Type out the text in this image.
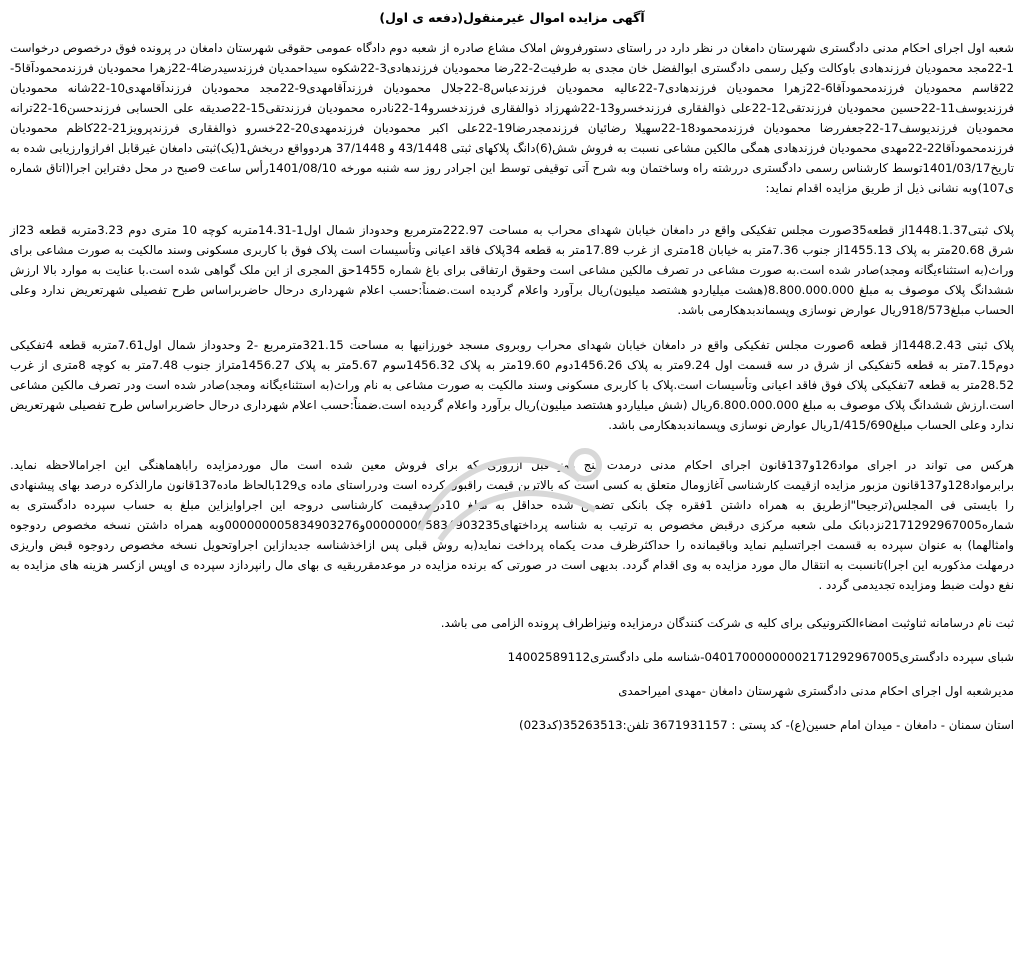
آگهی مزایده اموال غیرمنقول(دفعه ی اول)

شعبه اول اجرای احکام مدنی دادگستری شهرستان دامغان در نظر دارد در راستای دستورفروش املاک مشاع صادره از شعبه دوم دادگاه عمومی حقوقی شهرستان دامغان در پرونده فوق درخصوص درخواست 1-22مجد محمودیان فرزندهادی باوکالت وکیل رسمی دادگستری ابوالفضل خان مجدی به طرفیت2-22رضا محمودیان فرزندهادی3-22شکوه سیداحمدیان فرزندسیدرضا4-22زهرا محمودیان فرزندمحمودآقا5-22قاسم محمودیان فرزندمحمودآقا6-22زهرا محمودیان فرزندهادی7-22عالیه محمودیان فرزندعباس8-22جلال محمودیان فرزندآقامهدی9-22مجد محمودیان فرزندآقامهدی10-22شانه محمودیان فرزندیوسف11-22حسین محمودیان فرزندتقی12-22علی ذوالفقاری فرزندخسرو13-22شهرزاد ذوالفقاری فرزندخسرو14-22نادره محمودیان فرزندتقی15-22صدیقه علی الحسابی فرزندحسن16-22ترانه محمودیان فرزندیوسف17-22جعفررضا محمودیان فرزندمحمود18-22سهیلا رضائیان فرزندمجدرضا19-22علی اکبر محمودیان فرزندمهدی20-22خسرو ذوالفقاری فرزندپرویز21-22کاظم محمودیان فرزندمحمودآقا22-22مهدی محمودیان فرزندهادی همگی مالکین مشاعی نسبت به فروش شش(6)دانگ پلاکهای ثبتی 43/1448 و 37/1448 هردوواقع دربخش1(یک)ثبتی دامغان غیرقابل افرازوارزیابی شده به تاریخ1401/03/17توسط کارشناس رسمی دادگستری دررشته راه وساختمان وبه شرح آتی توقیفی توسط این اجرادر روز سه شنبه مورخه 1401/08/10رأس ساعت 9صبح در محل دفتراین اجرا(اتاق شماره ی107)وبه نشانی ذیل از طریق مزایده اقدام نماید:

پلاک ثبتی1448.1.37از قطعه35صورت مجلس تفکیکی واقع در دامغان خیابان شهدای محراب به مساحت 222.97مترمربع وحدوداز شمال اول1-14.31متربه کوچه 10 متری دوم 3.23متربه قطعه 23از شرق 20.68متر به پلاک 1455.13از جنوب 7.36متر به خیابان 18متری از غرب 17.89متر به قطعه 34پلاک فاقد اعیانی وتأسیسات است پلاک فوق با کاربری مسکونی وسند مالکیت به صورت مشاعی برای وراث(به استثناءیگانه ومجد)صادر شده است.به صورت مشاعی در تصرف مالکین مشاعی است وحقوق ارتفاقی برای باغ شماره 1455حق المجری از این ملک گواهی شده است.با عنایت به موارد بالا ارزش ششدانگ پلاک موصوف به مبلغ 8.800.000.000(هشت میلیاردو هشتصد میلیون)ریال برآورد واعلام گردیده است.ضمناً:حسب اعلام شهرداری درحال حاضربراساس طرح تفصیلی شهرتعریض ندارد وعلی الحساب مبلغ918/573ریال عوارض نوسازی وپسماندبدهکارمی باشد.

پلاک ثبتی 1448.2.43از قطعه 6صورت مجلس تفکیکی واقع در دامغان خیابان شهدای محراب روبروی مسجد خورزانیها به مساحت 321.15مترمربع -2 وحدوداز شمال اول7.61متربه قطعه 4تفکیکی دوم7.15متر به قطعه 5تفکیکی از شرق در سه قسمت اول 9.24متر به پلاک 1456.26دوم 19.60متر به پلاک 1456.32سوم 5.67متر به پلاک 1456.27متراز جنوب 7.48متر به کوچه 8متری از غرب 28.52متر به قطعه 7تفکیکی پلاک فوق فاقد اعیانی وتأسیسات است.پلاک با کاربری مسکونی وسند مالکیت به صورت مشاعی به نام وراث(به استثناءیگانه ومجد)صادر شده است ودر تصرف مالکین مشاعی است.ارزش ششدانگ پلاک موصوف به مبلغ 6.800.000.000ریال (شش میلیاردو هشتصد میلیون)ریال برآورد واعلام گردیده است.ضمناً:حسب اعلام شهرداری درحال حاضربراساس طرح تفصیلی شهرتعریض ندارد وعلی الحساب مبلغ1/415/690ریال عوارض نوسازی وپسماندبدهکارمی باشد.

هرکس می تواند در اجرای مواد126و137قانون اجرای احکام مدنی درمدت پنج روز قبل ازروزی که برای فروش معین شده است مال موردمزایده راباهماهنگی این اجرامالاحظه نماید. برابرمواد128و137قانون مزبور مزایده ازقیمت کارشناسی آغازومال متعلق به کسی است که بالاترین قیمت راقبول کرده است ودرراستای ماده ی129بالحاظ ماده137قانون مارالذکره درصد بهای پیشنهادی را بایستی فی المجلس(ترجیحا"ازطریق به همراه داشتن 1فقره چک بانکی تضمین شده حداقل به مبلغ 10درصدقیمت کارشناسی دروجه این اجراوایزاین مبلغ به حساب سپرده دادگستری به شماره2171292967005نزدبانک ملی شعبه مرکزی درقبض مخصوص به ترتیب به شناسه پرداختهای000000005834903235و000000005834903276وبه همراه داشتن نسخه مخصوص ردوجوه وامثالهما) به عنوان سپرده به قسمت اجراتسلیم نماید وباقیمانده را حداکثرظرف مدت یکماه پرداخت نماید(به روش قبلی پس ازاخذشناسه جدیدازاین اجراوتحویل نسخه مخصوص ردوجوه قبض واریزی درمهلت مذکوربه این اجرا)تانسبت به انتقال مال مورد مزایده به وی اقدام گردد. بدیهی است در صورتی که برنده مزایده در موعدمقرربقیه ی بهای مال رانپردازد سپرده ی اوپس ازکسر هزینه های مزایده به نفع دولت ضبط ومزایده تجدیدمی گردد .

ثبت نام درسامانه ثناوثبت امضاءالکترونیکی برای کلیه ی شرکت کنندگان درمزایده ونیزاطراف پرونده الزامی می باشد.

شبای سپرده دادگستری04017000000002171292967005-شناسه ملی دادگستری14002589112
مدیرشعبه اول اجرای احکام مدنی دادگستری شهرستان دامغان -مهدی امیراحمدی
استان سمنان - دامغان - میدان امام حسین(ع)- کد پستی : 3671931157 تلفن:35263513(کد023)
